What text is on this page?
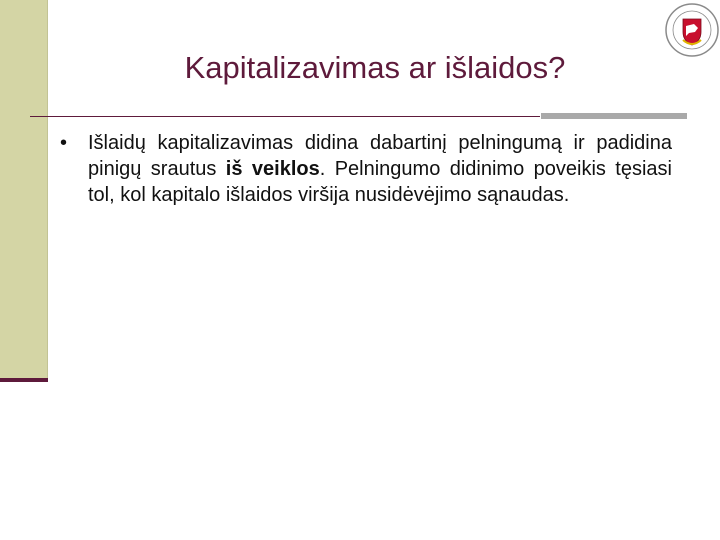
Kapitalizavimas ar išlaidos?
•	Išlaidų kapitalizavimas didina dabartinį pelningumą ir padidina pinigų srautus iš veiklos. Pelningumo didinimo poveikis tęsiasi tol, kol kapitalo išlaidos viršija nusidėvėjimo sąnaudas.
